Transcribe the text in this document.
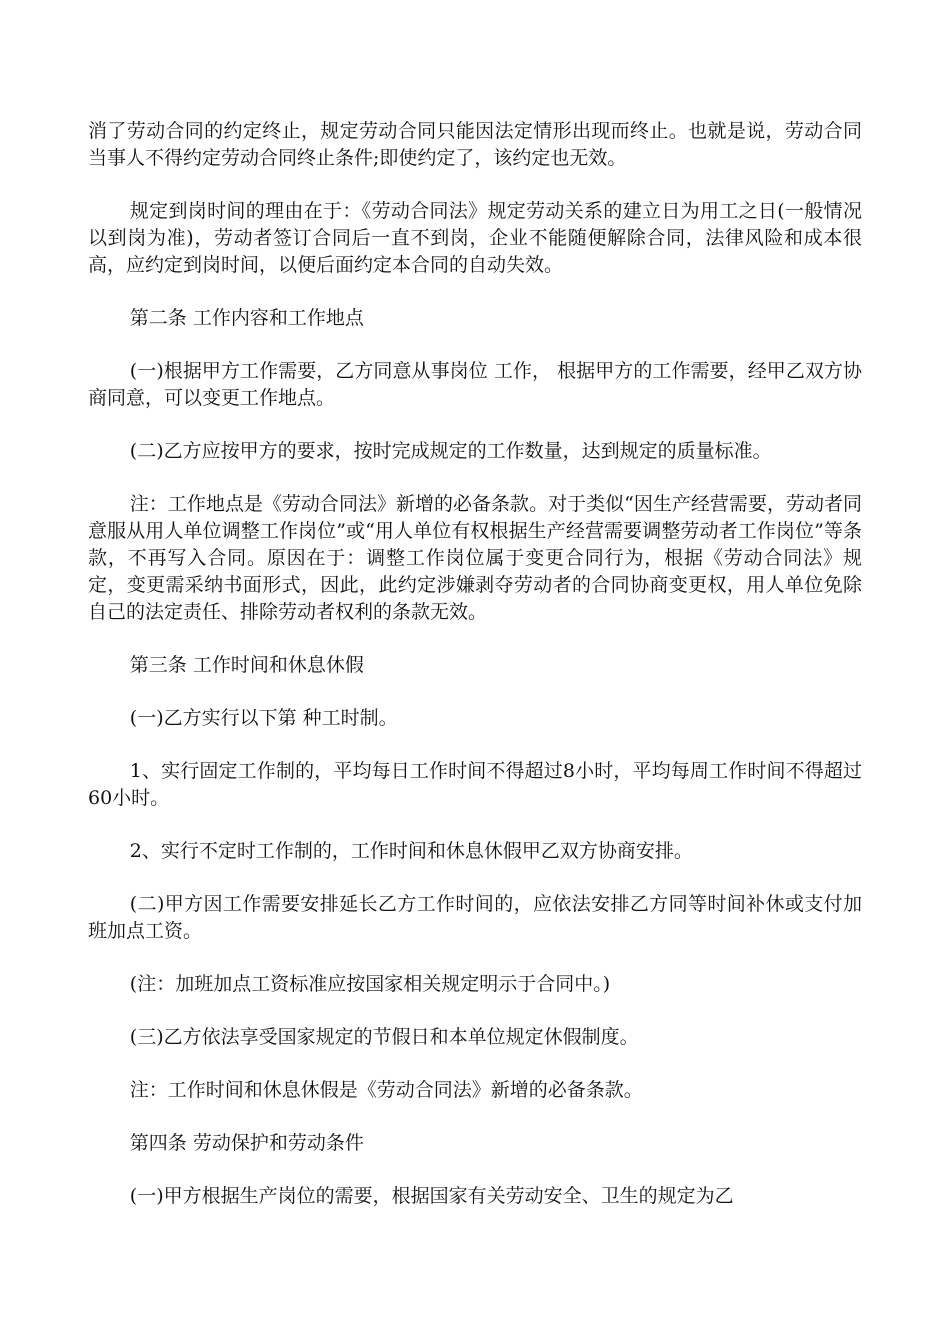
消了劳动合同的约定终止，规定劳动合同只能因法定情形出现而终止。也就是说，劳动合同当事人不得约定劳动合同终止条件;即使约定了，该约定也无效。

规定到岗时间的理由在于：《劳动合同法》规定劳动关系的建立日为用工之日(一般情况以到岗为准)，劳动者签订合同后一直不到岗，企业不能随便解除合同，法律风险和成本很高，应约定到岗时间，以便后面约定本合同的自动失效。

第二条 工作内容和工作地点

(一)根据甲方工作需要，乙方同意从事岗位 工作， 根据甲方的工作需要，经甲乙双方协商同意，可以变更工作地点。

(二)乙方应按甲方的要求，按时完成规定的工作数量，达到规定的质量标准。

注：工作地点是《劳动合同法》新增的必备条款。对于类似“因生产经营需要，劳动者同意服从用人单位调整工作岗位”或“用人单位有权根据生产经营需要调整劳动者工作岗位”等条款，不再写入合同。原因在于：调整工作岗位属于变更合同行为，根据《劳动合同法》规定，变更需采纳书面形式，因此，此约定涉嫌剥夺劳动者的合同协商变更权，用人单位免除自己的法定责任、排除劳动者权利的条款无效。

第三条 工作时间和休息休假

(一)乙方实行以下第 种工时制。

1、实行固定工作制的，平均每日工作时间不得超过8小时，平均每周工作时间不得超过60小时。

2、实行不定时工作制的，工作时间和休息休假甲乙双方协商安排。

(二)甲方因工作需要安排延长乙方工作时间的，应依法安排乙方同等时间补休或支付加班加点工资。

(注：加班加点工资标准应按国家相关规定明示于合同中。)

(三)乙方依法享受国家规定的节假日和本单位规定休假制度。

注：工作时间和休息休假是《劳动合同法》新增的必备条款。

第四条 劳动保护和劳动条件

(一)甲方根据生产岗位的需要，根据国家有关劳动安全、卫生的规定为乙
